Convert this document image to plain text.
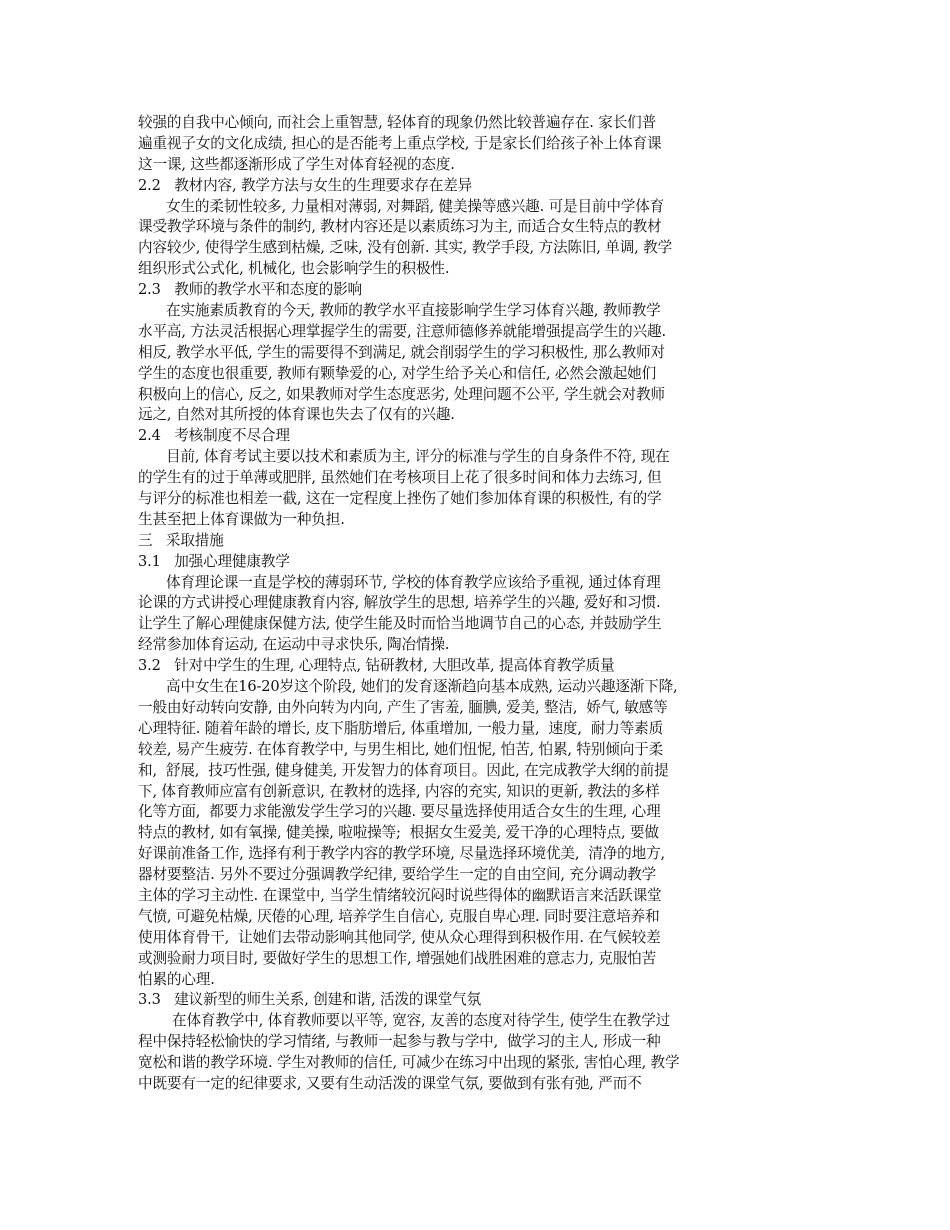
较强的自我中心倾向, 而社会上重智慧, 轻体育的现象仍然比较普遍存在. 家长们普
遍重视子女的文化成绩, 担心的是否能考上重点学校, 于是家长们给孩子补上体育课
这一课, 这些都逐渐形成了学生对体育轻视的态度.
2.2   教材内容, 教学方法与女生的生理要求存在差异
女生的柔韧性较多, 力量相对薄弱, 对舞蹈, 健美操等感兴趣. 可是目前中学体育
课受教学环境与条件的制约, 教材内容还是以素质练习为主, 而适合女生特点的教材
内容较少, 使得学生感到枯燥, 乏味, 没有创新. 其实, 教学手段, 方法陈旧, 单调, 教学
组织形式公式化, 机械化, 也会影响学生的积极性.
2.3   教师的教学水平和态度的影响
在实施素质教育的今天, 教师的教学水平直接影响学生学习体育兴趣, 教师教学
水平高, 方法灵活根据心理掌握学生的需要, 注意师德修养就能增强提高学生的兴趣.
相反, 教学水平低, 学生的需要得不到满足, 就会削弱学生的学习积极性, 那么教师对
学生的态度也很重要, 教师有颗挚爱的心, 对学生给予关心和信任, 必然会激起她们
积极向上的信心, 反之, 如果教师对学生态度恶劣, 处理问题不公平, 学生就会对教师
远之, 自然对其所授的体育课也失去了仅有的兴趣.
2.4   考核制度不尽合理
目前, 体育考试主要以技术和素质为主, 评分的标准与学生的自身条件不符, 现在
的学生有的过于单薄或肥胖, 虽然她们在考核项目上花了很多时间和体力去练习, 但
与评分的标准也相差一截, 这在一定程度上挫伤了她们参加体育课的积极性, 有的学
生甚至把上体育课做为一种负担.
三   采取措施
3.1   加强心理健康教学
体育理论课一直是学校的薄弱环节, 学校的体育教学应该给予重视, 通过体育理
论课的方式讲授心理健康教育内容, 解放学生的思想, 培养学生的兴趣, 爱好和习惯.
让学生了解心理健康保健方法, 使学生能及时而恰当地调节自己的心态, 并鼓励学生
经常参加体育运动, 在运动中寻求快乐, 陶冶情操.
3.2   针对中学生的生理, 心理特点, 钻研教材, 大胆改革, 提高体育教学质量
高中女生在16-20岁这个阶段, 她们的发育逐渐趋向基本成熟, 运动兴趣逐渐下降,
一般由好动转向安静, 由外向转为内向, 产生了害羞, 腼腆, 爱美, 整洁,  娇气, 敏感等
心理特征. 随着年龄的增长, 皮下脂肪增后, 体重增加, 一般力量,  速度,  耐力等素质
较差, 易产生疲劳. 在体育教学中, 与男生相比, 她们忸怩, 怕苦, 怕累, 特别倾向于柔
和,  舒展,  技巧性强, 健身健美, 开发智力的体育项目。因此, 在完成教学大纲的前提
下, 体育教师应富有创新意识, 在教材的选择, 内容的充实, 知识的更新, 教法的多样
化等方面,  都要力求能激发学生学习的兴趣. 要尽量选择使用适合女生的生理, 心理
特点的教材, 如有氧操, 健美操, 啦啦操等;  根据女生爱美, 爱干净的心理特点, 要做
好课前准备工作, 选择有利于教学内容的教学环境, 尽量选择环境优美,  清净的地方,
器材要整洁. 另外不要过分强调教学纪律, 要给学生一定的自由空间, 充分调动教学
主体的学习主动性. 在课堂中, 当学生情绪较沉闷时说些得体的幽默语言来活跃课堂
气愤, 可避免枯燥, 厌倦的心理, 培养学生自信心, 克服自卑心理. 同时要注意培养和
使用体育骨干,  让她们去带动影响其他同学, 使从众心理得到积极作用. 在气候较差
或测验耐力项目时, 要做好学生的思想工作, 增强她们战胜困难的意志力, 克服怕苦
怕累的心理.
3.3   建议新型的师生关系, 创建和谐, 活泼的课堂气氛
在体育教学中, 体育教师要以平等, 宽容, 友善的态度对待学生, 使学生在教学过
程中保持轻松愉快的学习情绪, 与教师一起参与教与学中,  做学习的主人, 形成一种
宽松和谐的教学环境. 学生对教师的信任, 可减少在练习中出现的紧张, 害怕心理, 教学
中既要有一定的纪律要求, 又要有生动活泼的课堂气氛, 要做到有张有弛, 严而不
